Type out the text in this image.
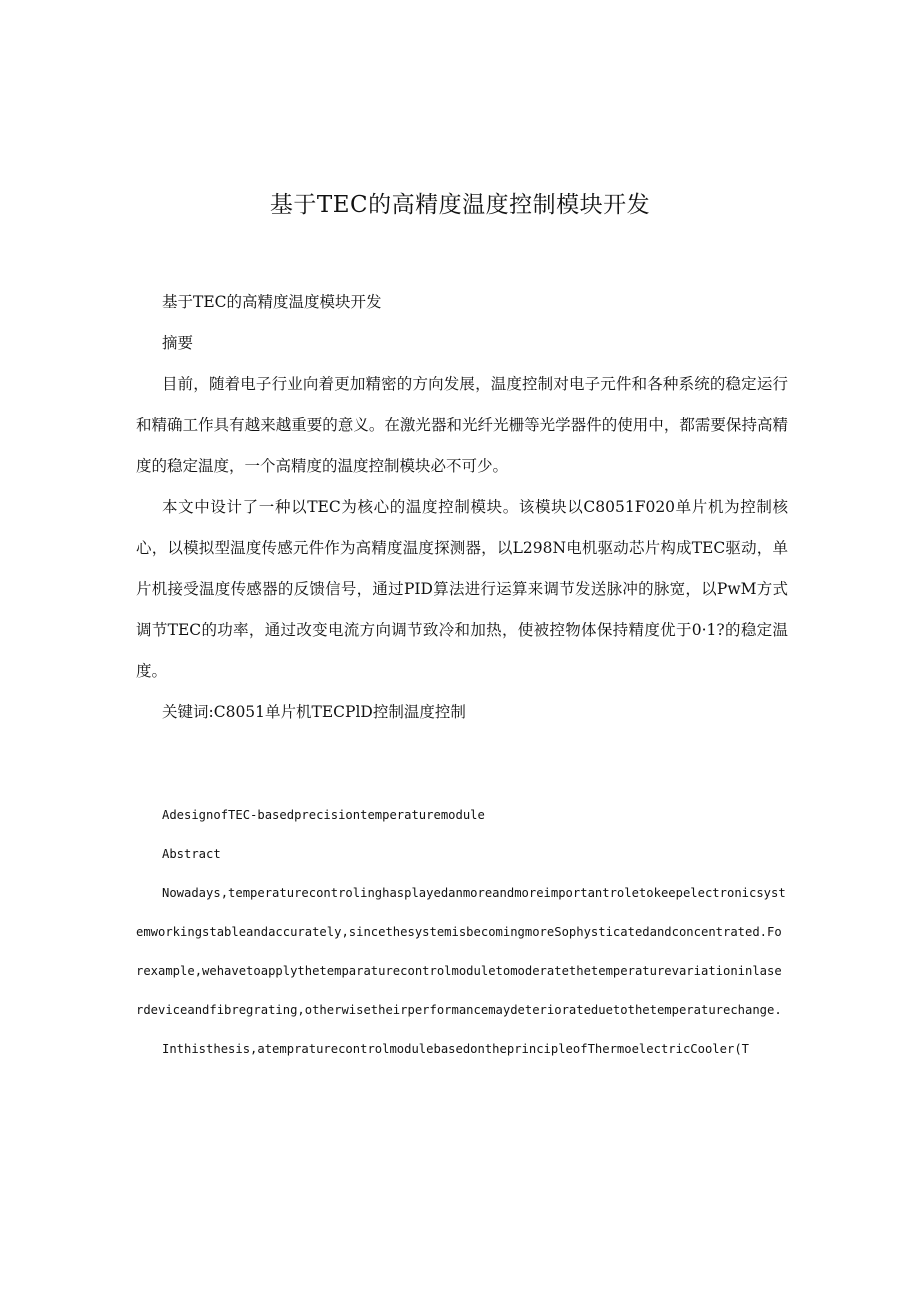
基于TEC的高精度温度控制模块开发

基于TEC的高精度温度模块开发

摘要

目前，随着电子行业向着更加精密的方向发展，温度控制对电子元件和各种系统的稳定运行和精确工作具有越来越重要的意义。在激光器和光纤光栅等光学器件的使用中，都需要保持高精度的稳定温度，一个高精度的温度控制模块必不可少。

本文中设计了一种以TEC为核心的温度控制模块。该模块以C8051F020单片机为控制核心，以模拟型温度传感元件作为高精度温度探测器，以L298N电机驱动芯片构成TEC驱动，单片机接受温度传感器的反馈信号，通过PID算法进行运算来调节发送脉冲的脉宽，以PwM方式调节TEC的功率，通过改变电流方向调节致冷和加热，使被控物体保持精度优于0·1?的稳定温度。

关键词:C8051单片机TECPlD控制温度控制

AdesignofTEC-basedprecisiontemperaturemodule

Abstract

Nowadays,temperaturecontrolinghasplayedanmoreandmoreimportantroletokeepelectronicsystemworkingstableandaccurately,sincethesystemisbecomingmoreSophysticatedandconcentrated.Forexample,wehavetoapplythetemparaturecontrolmoduletomoderatethetemperaturevariationinlaserdeviceandfibregrating,otherwisetheirperformancemaydeteriorateduetothetemperaturechange.

Inthisthesis,atempraturecontrolmodulebasedontheprincipleofThermoelectricCooler(T
